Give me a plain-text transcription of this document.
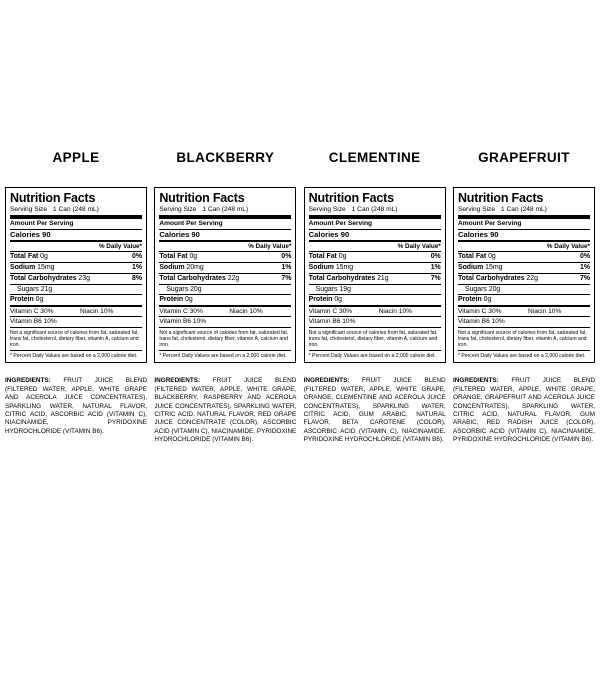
APPLE
Nutrition Facts
Serving Size 1 Can (248 mL)
Amount Per Serving
Calories 90
% Daily Value*
Total Fat 0g	0%
Sodium 15mg	1%
Total Carbohydrates 23g	8%
Sugars 21g
Protein 0g
Vitamin C 30%	Niacin 10%
Vitamin B6 10%
Not a significant source of calories from fat, saturated fat, trans fat, cholesterol, dietary fiber, vitamin A, calcium and iron.
* Percent Daily Values are based on a 2,000 calorie diet.
INGREDIENTS: FRUIT JUICE BLEND (FILTERED WATER, APPLE, WHITE GRAPE AND ACEROLA JUICE CONCENTRATES), SPARKLING WATER, NATURAL FLAVOR, CITRIC ACID, ASCORBIC ACID (VITAMIN C), NIACINAMIDE, PYRIDOXINE HYDROCHLORIDE (VITAMIN B6).
BLACKBERRY
Nutrition Facts
Serving Size 1 Can (248 mL)
Amount Per Serving
Calories 90
% Daily Value*
Total Fat 0g	0%
Sodium 20mg	1%
Total Carbohydrates 22g	7%
Sugars 20g
Protein 0g
Vitamin C 30%	Niacin 10%
Vitamin B6 10%
Not a significant source of calories from fat, saturated fat, trans fat, cholesterol, dietary fiber, vitamin A, calcium and iron.
* Percent Daily Values are based on a 2,000 calorie diet.
INGREDIENTS: FRUIT JUICE BLEND (FILTERED WATER, APPLE, WHITE GRAPE, BLACKBERRY, RASPBERRY AND ACEROLA JUICE CONCENTRATES), SPARKLING WATER, CITRIC ACID, NATURAL FLAVOR, RED GRAPE JUICE CONCENTRATE (COLOR), ASCORBIC ACID (VITAMIN C), NIACINAMIDE, PYRIDOXINE HYDROCHLORIDE (VITAMIN B6).
CLEMENTINE
Nutrition Facts
Serving Size 1 Can (248 mL)
Amount Per Serving
Calories 90
% Daily Value*
Total Fat 0g	0%
Sodium 15mg	1%
Total Carbohydrates 21g	7%
Sugars 19g
Protein 0g
Vitamin C 30%	Niacin 10%
Vitamin B6 10%
Not a significant source of calories from fat, saturated fat, trans fat, cholesterol, dietary fiber, vitamin A, calcium and iron.
* Percent Daily Values are based on a 2,000 calorie diet.
INGREDIENTS: FRUIT JUICE BLEND (FILTERED WATER, APPLE, WHITE GRAPE, ORANGE, CLEMENTINE AND ACEROLA JUICE CONCENTRATES), SPARKLING WATER, CITRIC ACID, GUM ARABIC, NATURAL FLAVOR, BETA CAROTENE (COLOR), ASCORBIC ACID (VITAMIN C), NIACINAMIDE, PYRIDOXINE HYDROCHLORIDE (VITAMIN B6).
GRAPEFRUIT
Nutrition Facts
Serving Size 1 Can (248 mL)
Amount Per Serving
Calories 90
% Daily Value*
Total Fat 0g	0%
Sodium 15mg	1%
Total Carbohydrates 22g	7%
Sugars 20g
Protein 0g
Vitamin C 30%	Niacin 10%
Vitamin B6 10%
Not a significant source of calories from fat, saturated fat, trans fat, cholesterol, dietary fiber, vitamin A, calcium and iron.
* Percent Daily Values are based on a 2,000 calorie diet.
INGREDIENTS: FRUIT JUICE BLEND (FILTERED WATER, APPLE, WHITE GRAPE, ORANGE, GRAPEFRUIT AND ACEROLA JUICE CONCENTRATES), SPARKLING WATER, CITRIC ACID, NATURAL FLAVOR, GUM ARABIC, RED RADISH JUICE (COLOR), ASCORBIC ACID (VITAMIN C), NIACINAMIDE, PYRIDOXINE HYDROCHLORIDE (VITAMIN B6).
